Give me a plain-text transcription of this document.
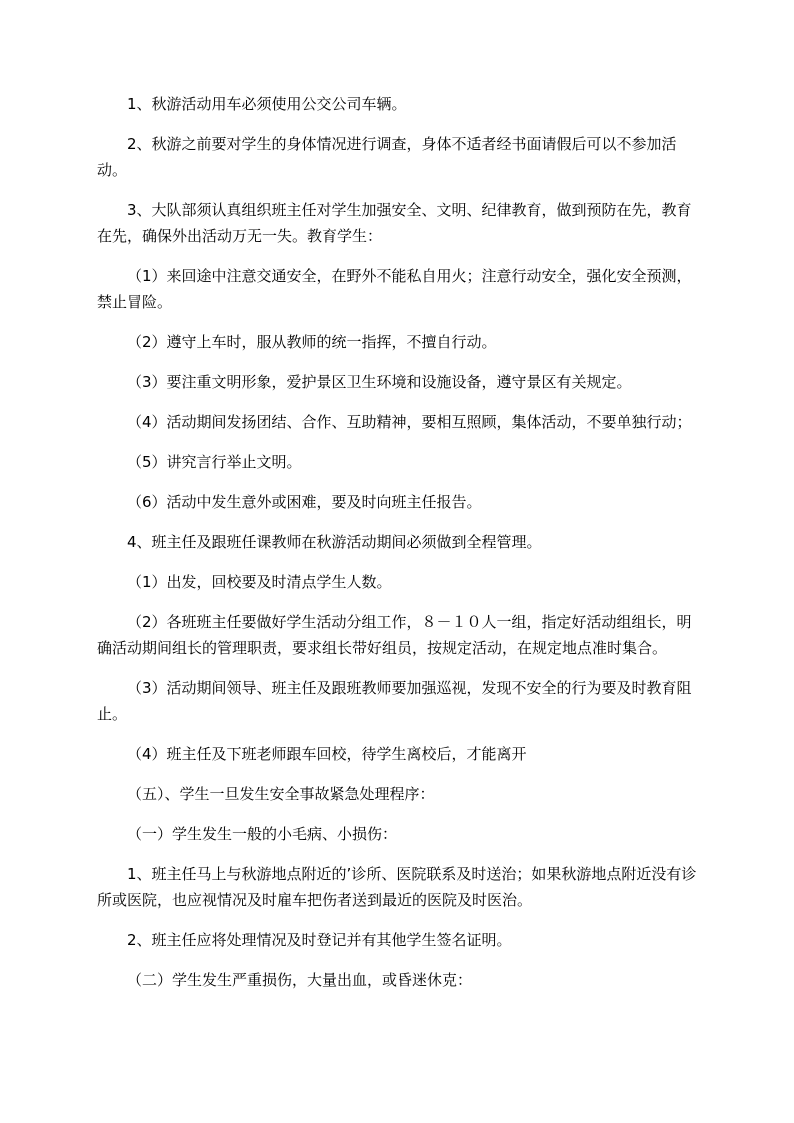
1、秋游活动用车必须使用公交公司车辆。

2、秋游之前要对学生的身体情况进行调查，身体不适者经书面请假后可以不参加活动。

3、大队部须认真组织班主任对学生加强安全、文明、纪律教育，做到预防在先，教育在先，确保外出活动万无一失。教育学生：

（1）来回途中注意交通安全，在野外不能私自用火；注意行动安全，强化安全预测，禁止冒险。

（2）遵守上车时，服从教师的统一指挥，不擅自行动。

（3）要注重文明形象，爱护景区卫生环境和设施设备，遵守景区有关规定。

（4）活动期间发扬团结、合作、互助精神，要相互照顾，集体活动，不要单独行动；

（5）讲究言行举止文明。

（6）活动中发生意外或困难，要及时向班主任报告。

4、班主任及跟班任课教师在秋游活动期间必须做到全程管理。

（1）出发，回校要及时清点学生人数。

（2）各班班主任要做好学生活动分组工作，８－１０人一组，指定好活动组组长，明确活动期间组长的管理职责，要求组长带好组员，按规定活动，在规定地点准时集合。

（3）活动期间领导、班主任及跟班教师要加强巡视，发现不安全的行为要及时教育阻止。

（4）班主任及下班老师跟车回校，待学生离校后，才能离开

（五）、学生一旦发生安全事故紧急处理程序：

（一）学生发生一般的小毛病、小损伤：

1、班主任马上与秋游地点附近的’诊所、医院联系及时送治；如果秋游地点附近没有诊所或医院，也应视情况及时雇车把伤者送到最近的医院及时医治。

2、班主任应将处理情况及时登记并有其他学生签名证明。

（二）学生发生严重损伤，大量出血，或昏迷休克：
